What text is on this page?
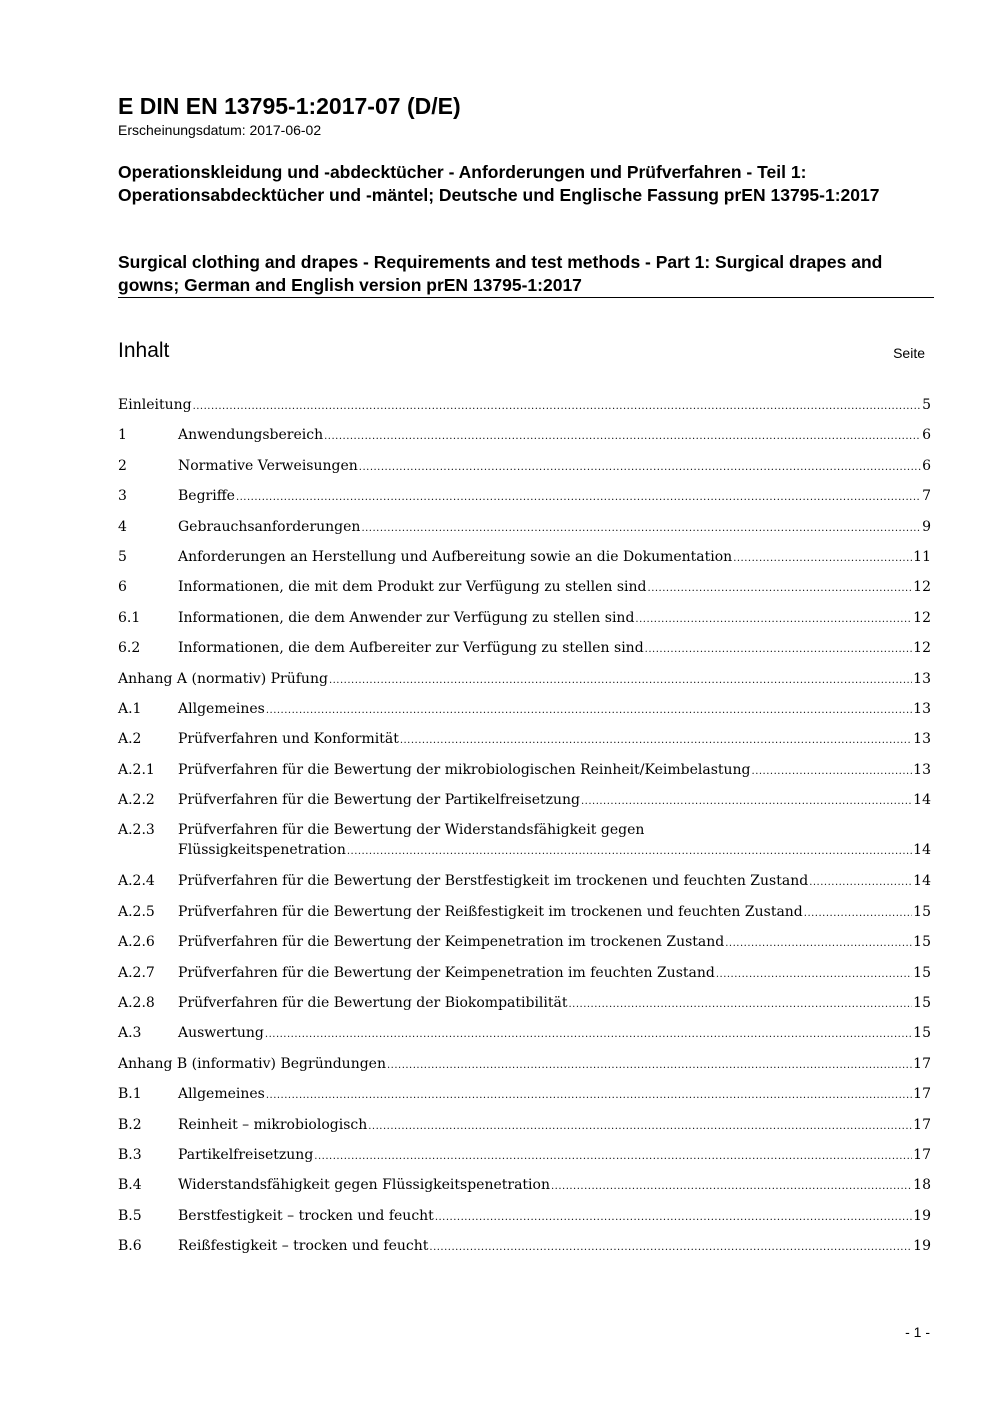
E DIN EN 13795-1:2017-07 (D/E)
Erscheinungsdatum: 2017-06-02
Operationskleidung und -abdecktücher - Anforderungen und Prüfverfahren - Teil 1: Operationsabdecktücher und -mäntel; Deutsche und Englische Fassung prEN 13795-1:2017
Surgical clothing and drapes - Requirements and test methods - Part 1: Surgical drapes and gowns; German and English version prEN 13795-1:2017
Inhalt	Seite
Einleitung .....	5
1	Anwendungsbereich .....	6
2	Normative Verweisungen .....	6
3	Begriffe .....	7
4	Gebrauchsanforderungen .....	9
5	Anforderungen an Herstellung und Aufbereitung sowie an die Dokumentation .....	11
6	Informationen, die mit dem Produkt zur Verfügung zu stellen sind .....	12
6.1	Informationen, die dem Anwender zur Verfügung zu stellen sind .....	12
6.2	Informationen, die dem Aufbereiter zur Verfügung zu stellen sind .....	12
Anhang A (normativ) Prüfung .....	13
A.1	Allgemeines .....	13
A.2	Prüfverfahren und Konformität .....	13
A.2.1	Prüfverfahren für die Bewertung der mikrobiologischen Reinheit/Keimbelastung .....	13
A.2.2	Prüfverfahren für die Bewertung der Partikelfreisetzung .....	14
A.2.3	Prüfverfahren für die Bewertung der Widerstandsfähigkeit gegen
Flüssigkeitspenetration .....	14
A.2.4	Prüfverfahren für die Bewertung der Berstfestigkeit im trockenen und feuchten Zustand .....	14
A.2.5	Prüfverfahren für die Bewertung der Reißfestigkeit im trockenen und feuchten Zustand .....	15
A.2.6	Prüfverfahren für die Bewertung der Keimpenetration im trockenen Zustand .....	15
A.2.7	Prüfverfahren für die Bewertung der Keimpenetration im feuchten Zustand .....	15
A.2.8	Prüfverfahren für die Bewertung der Biokompatibilität .....	15
A.3	Auswertung .....	15
Anhang B (informativ) Begründungen .....	17
B.1	Allgemeines .....	17
B.2	Reinheit – mikrobiologisch .....	17
B.3	Partikelfreisetzung .....	17
B.4	Widerstandsfähigkeit gegen Flüssigkeitspenetration .....	18
B.5	Berstfestigkeit – trocken und feucht .....	19
B.6	Reißfestigkeit – trocken und feucht .....	19
- 1 -
